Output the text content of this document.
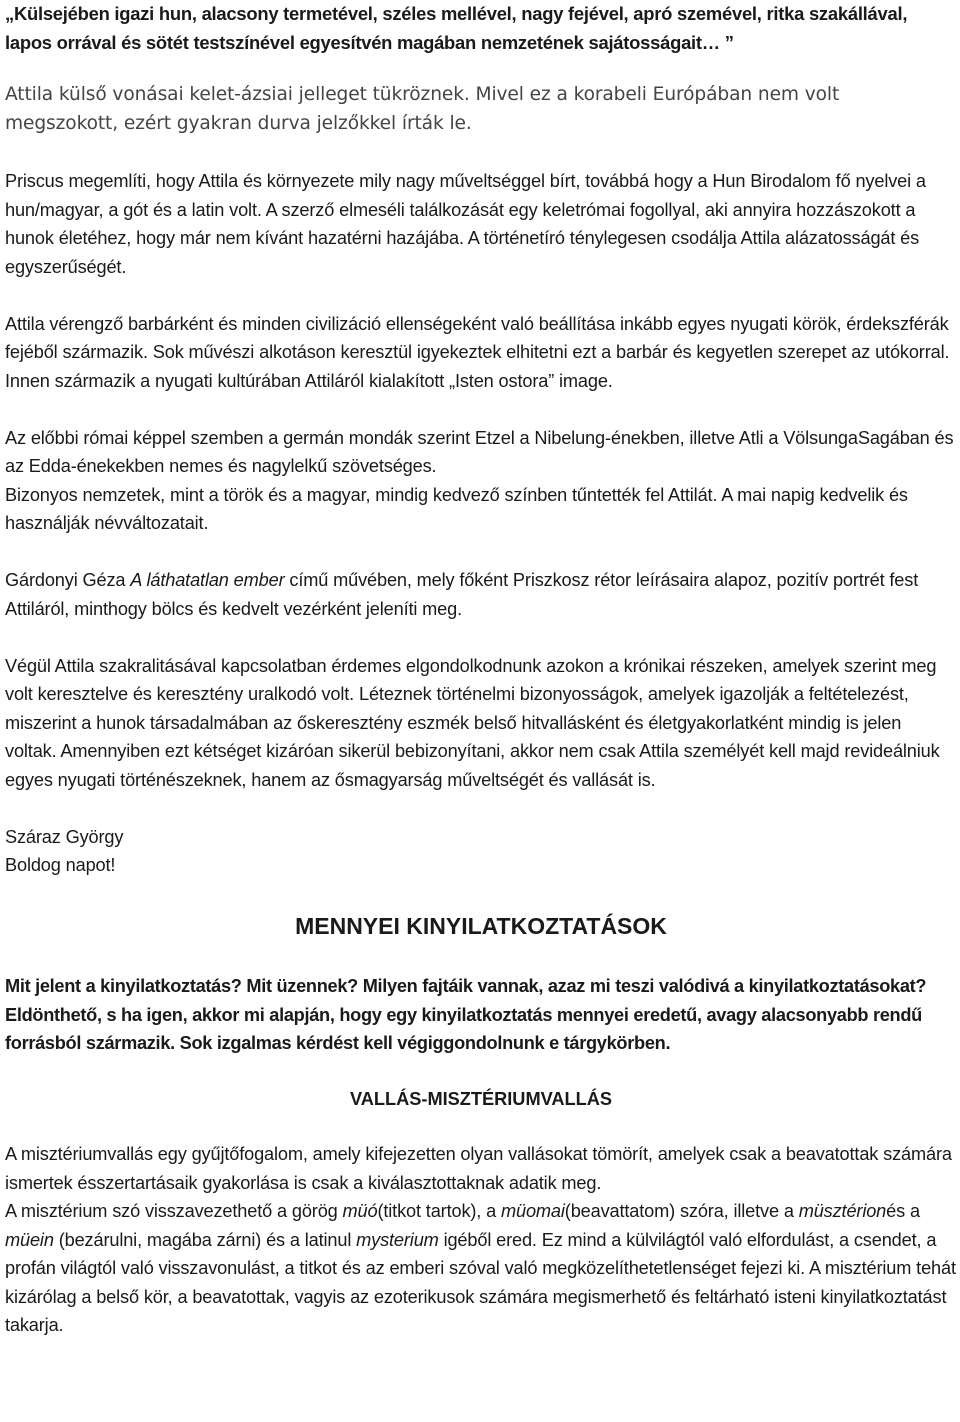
„Külsejében igazi hun, alacsony termetével, széles mellével, nagy fejével, apró szemével, ritka szakállával, lapos orrával és sötét testszínével egyesítvén magában nemzetének sajátosságait… ”

Attila külső vonásai kelet-ázsiai jelleget tükröznek. Mivel ez a korabeli Európában nem volt megszokott, ezért gyakran durva jelzőkkel írták le.

Priscus megemlíti, hogy Attila és környezete mily nagy műveltséggel bírt, továbbá hogy a Hun Birodalom fő nyelvei a hun/magyar, a gót és a latin volt. A szerző elmeséli találkozását egy keletrómai fogollyal, aki annyira hozzászokott a hunok életéhez, hogy már nem kívánt hazatérni hazájába. A történetíró ténylegesen csodálja Attila alázatosságát és egyszerűségét.

Attila vérengző barbárként és minden civilizáció ellenségeként való beállítása inkább egyes nyugati körök, érdekszférák fejéből származik. Sok művészi alkotáson keresztül igyekeztek elhitetni ezt a barbár és kegyetlen szerepet az utókorral. Innen származik a nyugati kultúrában Attiláról kialakított „Isten ostora” image.

Az előbbi római képpel szemben a germán mondák szerint Etzel a Nibelung-énekben, illetve Atli a VölsungaSagában és az Edda-énekekben nemes és nagylelkű szövetséges.

Bizonyos nemzetek, mint a török és a magyar, mindig kedvező színben tűntették fel Attilát. A mai napig kedvelik és használják névváltozatait.

Gárdonyi Géza A láthatatlan ember című művében, mely főként Priszkosz rétor leírásaira alapoz, pozitív portrét fest Attiláról, minthogy bölcs és kedvelt vezérként jeleníti meg.

Végül Attila szakralitásával kapcsolatban érdemes elgondolkodnunk azokon a krónikai részeken, amelyek szerint meg volt keresztelve és keresztény uralkodó volt. Léteznek történelmi bizonyosságok, amelyek igazolják a feltételezést, miszerint a hunok társadalmában az őskeresztény eszmék belső hitvallásként és életgyakorlatként mindig is jelen voltak. Amennyiben ezt kétséget kizáróan sikerül bebizonyítani, akkor nem csak Attila személyét kell majd revideálniuk egyes nyugati történészeknek, hanem az ősmagyarság műveltségét és vallását is.

Száraz György

Boldog napot!

MENNYEI KINYILATKOZTATÁSOK

Mit jelent a kinyilatkoztatás? Mit üzennek? Milyen fajtáik vannak, azaz mi teszi valódivá a kinyilatkoztatásokat? Eldönthető, s ha igen, akkor mi alapján, hogy egy kinyilatkoztatás mennyei eredetű, avagy alacsonyabb rendű forrásból származik. Sok izgalmas kérdést kell végiggondolnunk e tárgykörben.

VALLÁS-MISZTÉRIUMVALLÁS

A misztériumvallás egy gyűjtőfogalom, amely kifejezetten olyan vallásokat tömörít, amelyek csak a beavatottak számára ismertek ésszertartásaik gyakorlása is csak a kiválasztottaknak adatik meg.

A misztérium szó visszavezethető a görög müó(titkot tartok), a müomai(beavattatom) szóra, illetve a müsztérionés a müein (bezárulni, magába zárni) és a latinul mysterium igéből ered. Ez mind a külvilágtól való elfordulást, a csendet, a profán világtól való visszavonulást, a titkot és az emberi szóval való megközelíthetetlenséget fejezi ki. A misztérium tehát kizárólag a belső kör, a beavatottak, vagyis az ezoterikusok számára megismerhető és feltárható isteni kinyilatkoztatást takarja.
